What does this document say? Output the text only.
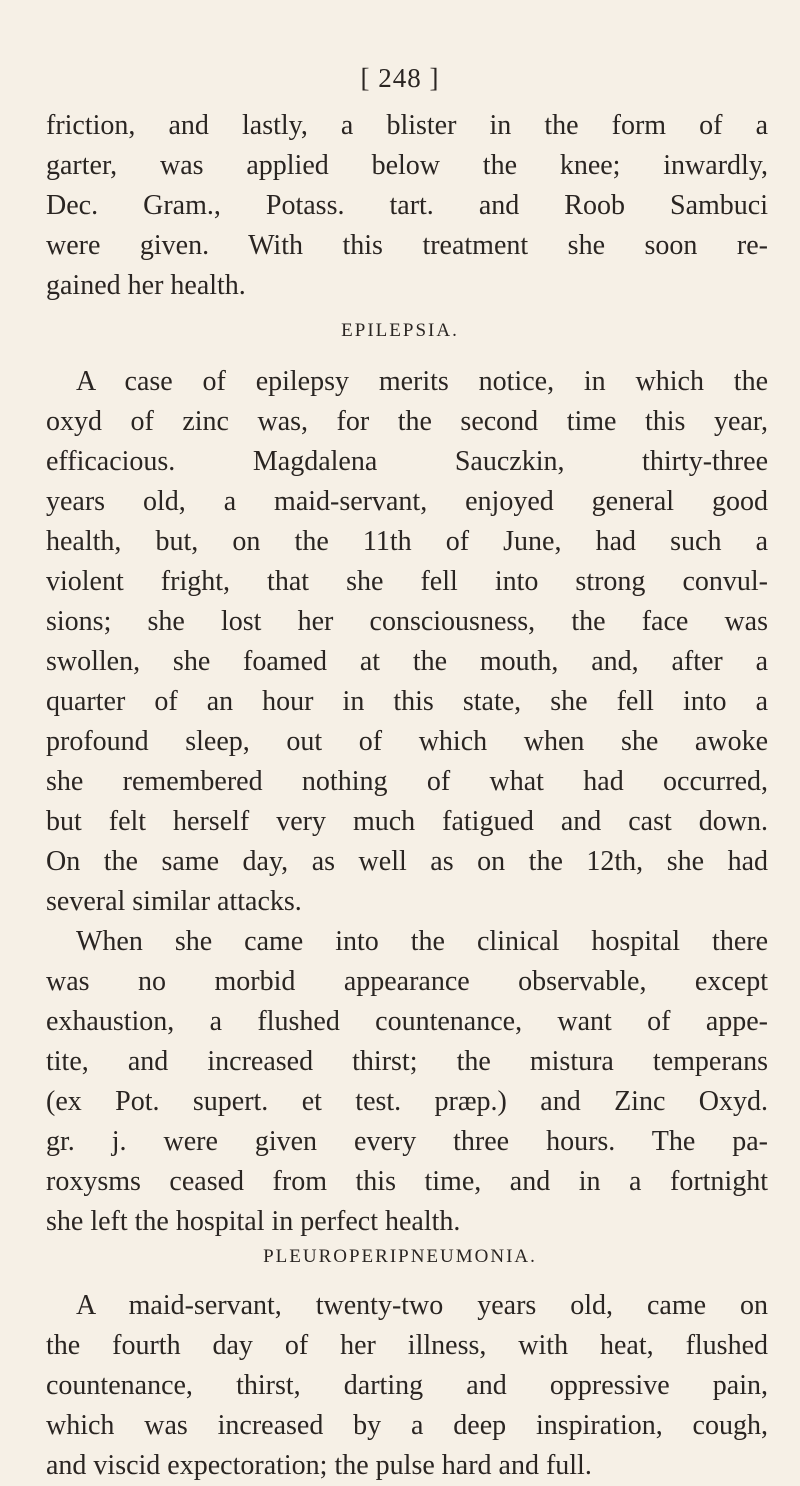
[ 248 ]
friction, and lastly, a blister in the form of a
garter, was applied below the knee; inwardly,
Dec. Gram., Potass. tart. and Roob Sambuci
were given. With this treatment she soon re-
gained her health.
EPILEPSIA.
A case of epilepsy merits notice, in which the
oxyd of zinc was, for the second time this year,
efficacious. Magdalena Sauczkin, thirty-three
years old, a maid-servant, enjoyed general good
health, but, on the 11th of June, had such a
violent fright, that she fell into strong convul-
sions; she lost her consciousness, the face was
swollen, she foamed at the mouth, and, after a
quarter of an hour in this state, she fell into a
profound sleep, out of which when she awoke
she remembered nothing of what had occurred,
but felt herself very much fatigued and cast down.
On the same day, as well as on the 12th, she had
several similar attacks.
When she came into the clinical hospital there
was no morbid appearance observable, except
exhaustion, a flushed countenance, want of appe-
tite, and increased thirst; the mistura temperans
(ex Pot. supert. et test. præp.) and Zinc Oxyd.
gr. j. were given every three hours. The pa-
roxysms ceased from this time, and in a fortnight
she left the hospital in perfect health.
PLEUROPERIPNEUMONIA.
A maid-servant, twenty-two years old, came on
the fourth day of her illness, with heat, flushed
countenance, thirst, darting and oppressive pain,
which was increased by a deep inspiration, cough,
and viscid expectoration; the pulse hard and full.
